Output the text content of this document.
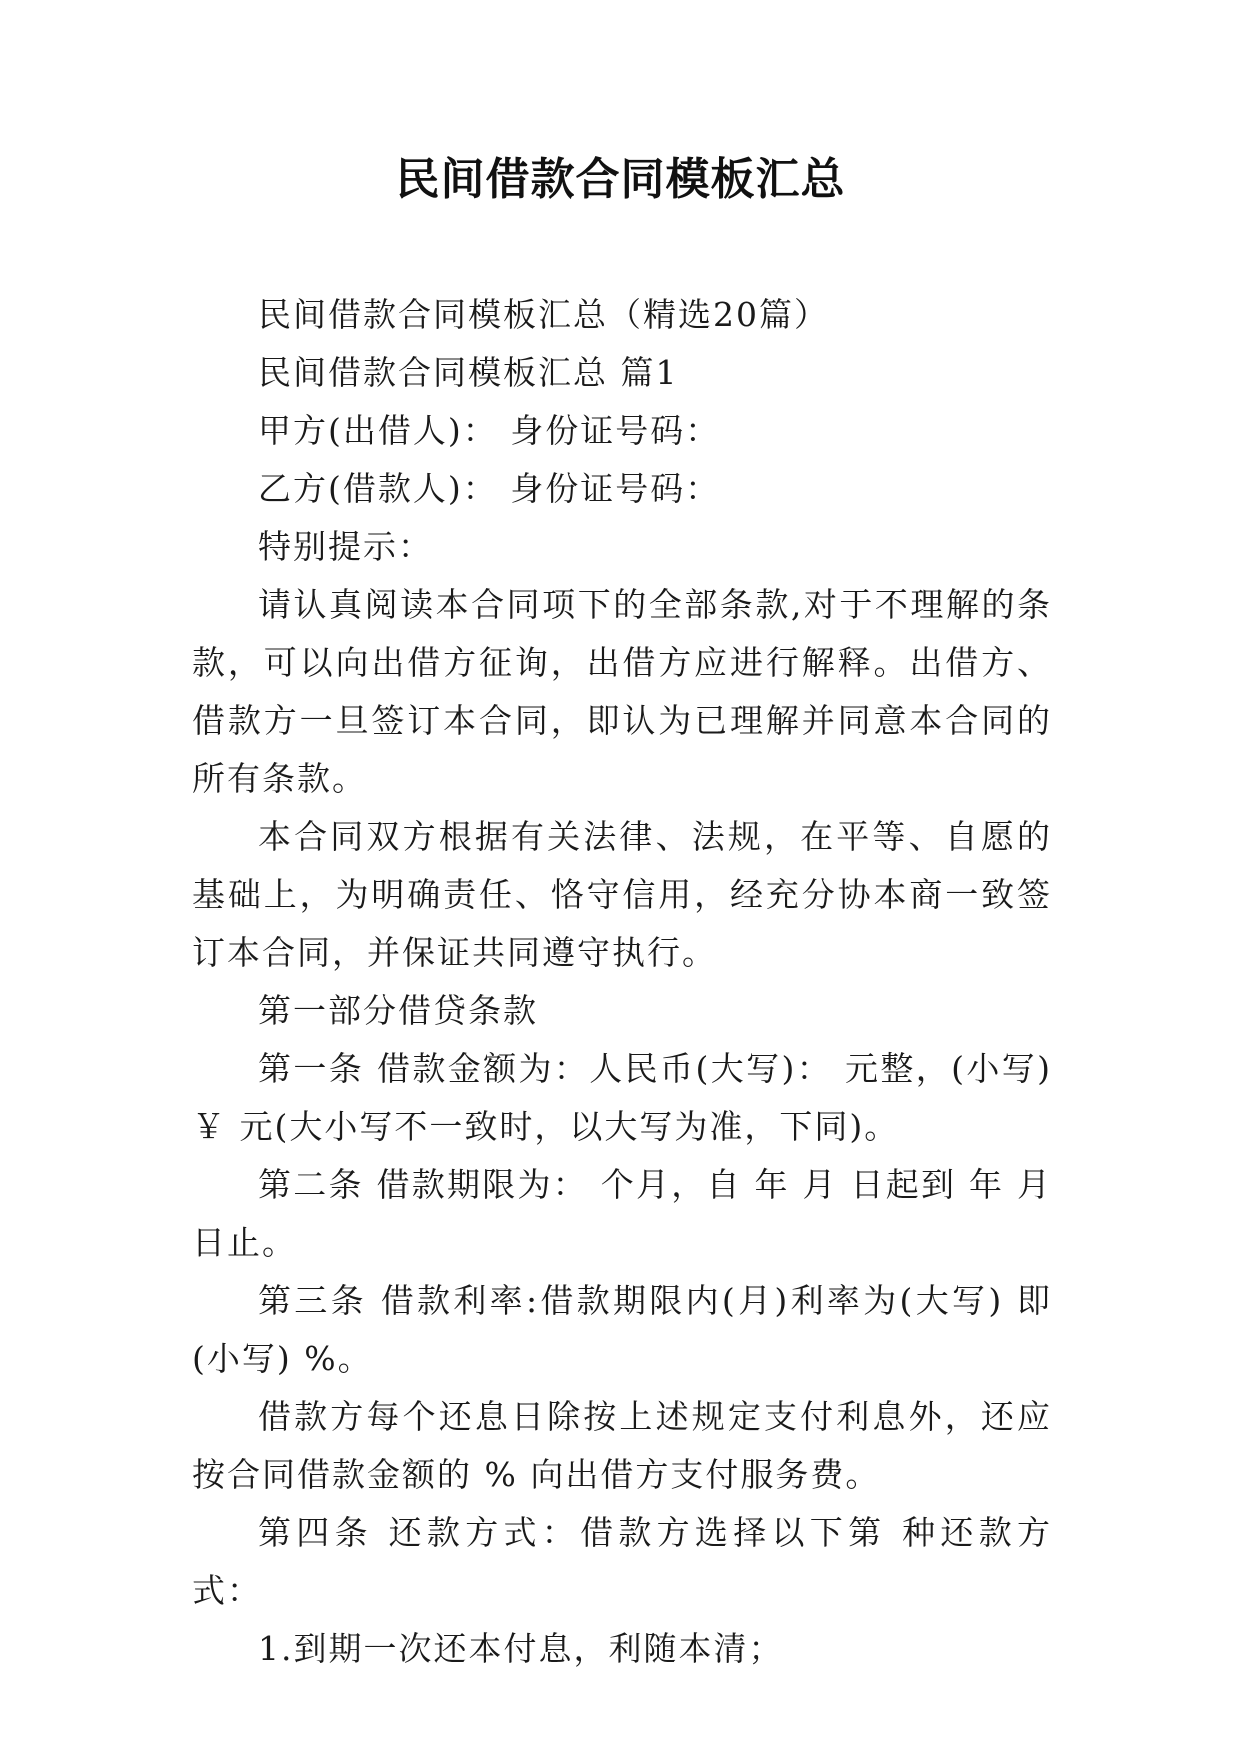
民间借款合同模板汇总

民间借款合同模板汇总（精选20篇）

民间借款合同模板汇总 篇1

甲方(出借人)： 身份证号码：

乙方(借款人)： 身份证号码：

特别提示：

请认真阅读本合同项下的全部条款,对于不理解的条款，可以向出借方征询，出借方应进行解释。出借方、借款方一旦签订本合同，即认为已理解并同意本合同的所有条款。

本合同双方根据有关法律、法规，在平等、自愿的基础上，为明确责任、恪守信用，经充分协本商一致签订本合同，并保证共同遵守执行。

第一部分借贷条款

第一条 借款金额为：人民币(大写)： 元整，(小写)￥ 元(大小写不一致时，以大写为准，下同)。

第二条 借款期限为： 个月，自 年 月 日起到 年 月日止。

第三条 借款利率:借款期限内(月)利率为(大写) 即(小写) %。

借款方每个还息日除按上述规定支付利息外，还应按合同借款金额的 % 向出借方支付服务费。

第四条 还款方式：借款方选择以下第 种还款方式：

1.到期一次还本付息，利随本清；
